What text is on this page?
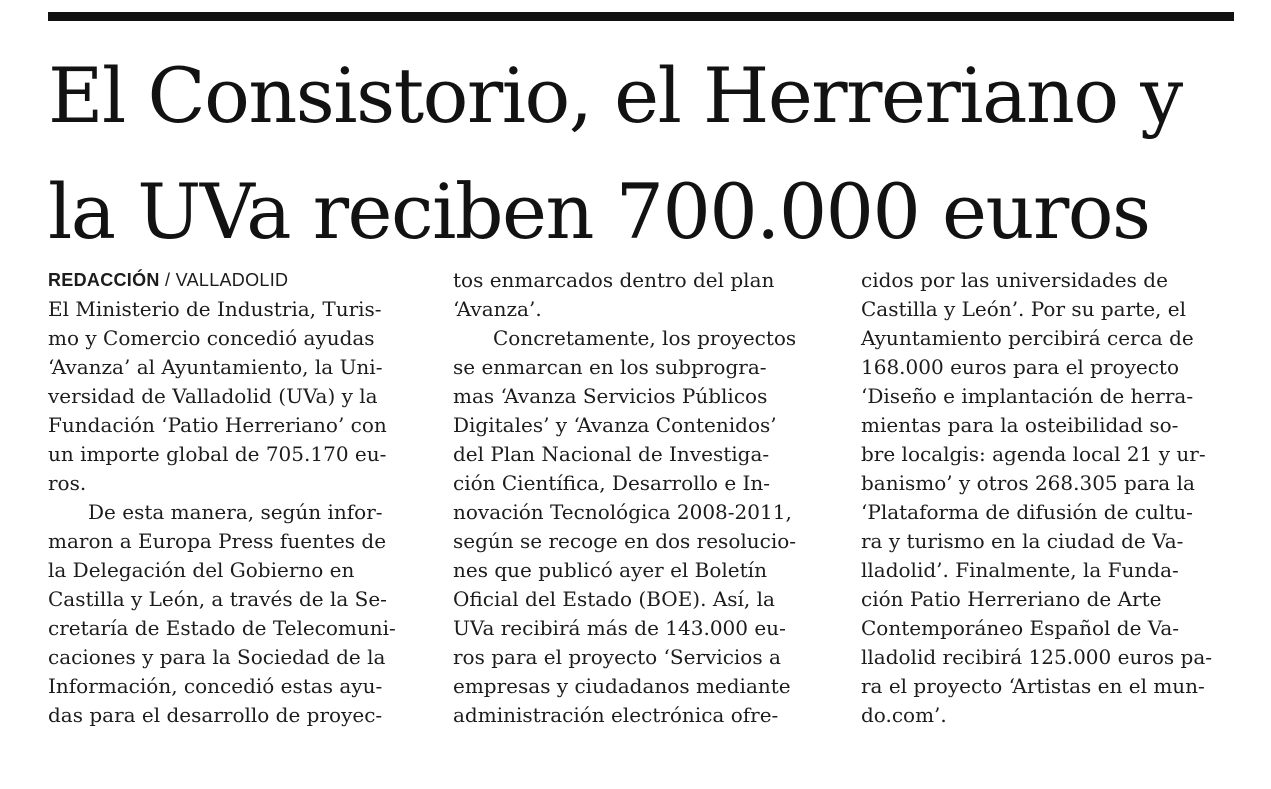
El Consistorio, el Herreriano y
la UVa reciben 700.000 euros
REDACCIÓN / VALLADOLID
El Ministerio de Industria, Turis-
mo y Comercio concedió ayudas
‘Avanza’ al Ayuntamiento, la Uni-
versidad de Valladolid (UVa) y la
Fundación ‘Patio Herreriano’ con
un importe global de 705.170 eu-
ros.
De esta manera, según infor-
maron a Europa Press fuentes de
la Delegación del Gobierno en
Castilla y León, a través de la Se-
cretaría de Estado de Telecomuni-
caciones y para la Sociedad de la
Información, concedió estas ayu-
das para el desarrollo de proyec-
tos enmarcados dentro del plan
‘Avanza’.
Concretamente, los proyectos
se enmarcan en los subprogra-
mas ‘Avanza Servicios Públicos
Digitales’ y ‘Avanza Contenidos’
del Plan Nacional de Investiga-
ción Científica, Desarrollo e In-
novación Tecnológica 2008-2011,
según se recoge en dos resolucio-
nes que publicó ayer el Boletín
Oficial del Estado (BOE). Así, la
UVa recibirá más de 143.000 eu-
ros para el proyecto ‘Servicios a
empresas y ciudadanos mediante
administración electrónica ofre-
cidos por las universidades de
Castilla y León’. Por su parte, el
Ayuntamiento percibirá cerca de
168.000 euros para el proyecto
‘Diseño e implantación de herra-
mientas para la osteibilidad so-
bre localgis: agenda local 21 y ur-
banismo’ y otros 268.305 para la
‘Plataforma de difusión de cultu-
ra y turismo en la ciudad de Va-
lladolid’. Finalmente, la Funda-
ción Patio Herreriano de Arte
Contemporáneo Español de Va-
lladolid recibirá 125.000 euros pa-
ra el proyecto ‘Artistas en el mun-
do.com’.
